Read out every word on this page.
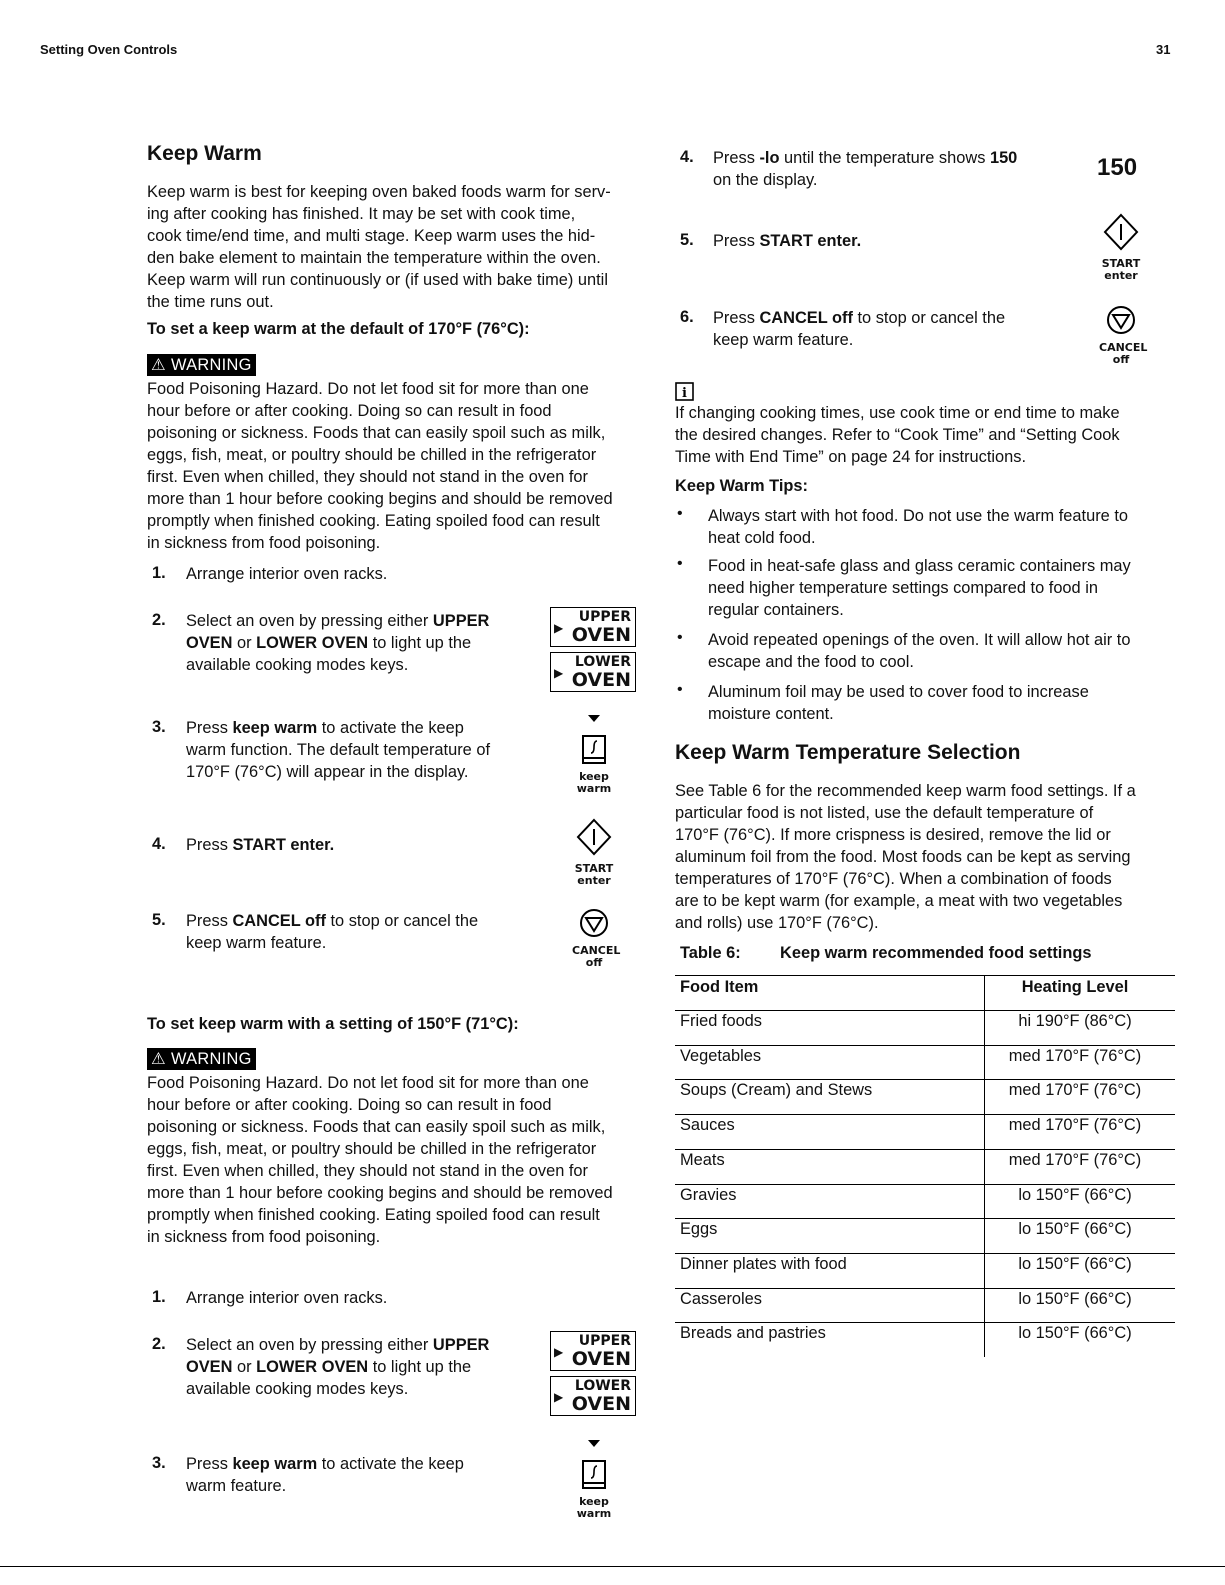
Setting Oven Controls	31
Keep Warm
Keep warm is best for keeping oven baked foods warm for serv-
ing after cooking has finished. It may be set with cook time,
cook time/end time, and multi stage. Keep warm uses the hid-
den bake element to maintain the temperature within the oven.
Keep warm will run continuously or (if used with bake time) until
the time runs out.
To set a keep warm at the default of 170°F (76°C):
⚠ WARNING
Food Poisoning Hazard. Do not let food sit for more than one
hour before or after cooking. Doing so can result in food
poisoning or sickness. Foods that can easily spoil such as milk,
eggs, fish, meat, or poultry should be chilled in the refrigerator
first. Even when chilled, they should not stand in the oven for
more than 1 hour before cooking begins and should be removed
promptly when finished cooking. Eating spoiled food can result
in sickness from food poisoning.
1. Arrange interior oven racks.
2. Select an oven by pressing either UPPER
OVEN or LOWER OVEN to light up the
available cooking modes keys.
▶
UPPER
OVEN
▶
LOWER
OVEN
3. Press keep warm to activate the keep
warm function. The default temperature of
170°F (76°C) will appear in the display.	keep
warm
4. Press START enter.
START
enter
5. Press CANCEL off to stop or cancel the
keep warm feature.	CANCEL
off
To set keep warm with a setting of 150°F (71°C):
⚠ WARNING
Food Poisoning Hazard. Do not let food sit for more than one
hour before or after cooking. Doing so can result in food
poisoning or sickness. Foods that can easily spoil such as milk,
eggs, fish, meat, or poultry should be chilled in the refrigerator
first. Even when chilled, they should not stand in the oven for
more than 1 hour before cooking begins and should be removed
promptly when finished cooking. Eating spoiled food can result
in sickness from food poisoning.
1. Arrange interior oven racks.
2. Select an oven by pressing either UPPER
OVEN or LOWER OVEN to light up the
available cooking modes keys.
▶
UPPER
OVEN
▶
LOWER
OVEN
3. Press keep warm to activate the keep
warm feature.
keep
warm
4. Press -lo until the temperature shows 150
on the display.	150
5. Press START enter.
START
enter
6. Press CANCEL off to stop or cancel the
keep warm feature.	CANCEL
off
i
If changing cooking times, use cook time or end time to make
the desired changes. Refer to “Cook Time” and “Setting Cook
Time with End Time” on page 24 for instructions.
Keep Warm Tips:
• Always start with hot food. Do not use the warm feature to
heat cold food.
• Food in heat-safe glass and glass ceramic containers may
need higher temperature settings compared to food in
regular containers.
• Avoid repeated openings of the oven. It will allow hot air to
escape and the food to cool.
• Aluminum foil may be used to cover food to increase
moisture content.
Keep Warm Temperature Selection
See Table 6 for the recommended keep warm food settings. If a
particular food is not listed, use the default temperature of
170°F (76°C). If more crispness is desired, remove the lid or
aluminum foil from the food. Most foods can be kept as serving
temperatures of 170°F (76°C). When a combination of foods
are to be kept warm (for example, a meat with two vegetables
and rolls) use 170°F (76°C).
Table 6: Keep warm recommended food settings
Food Item	Heating Level
Fried foods	hi 190°F (86°C)
Vegetables	med 170°F (76°C)
Soups (Cream) and Stews	med 170°F (76°C)
Sauces	med 170°F (76°C)
Meats	med 170°F (76°C)
Gravies	lo 150°F (66°C)
Eggs	lo 150°F (66°C)
Dinner plates with food	lo 150°F (66°C)
Casseroles	lo 150°F (66°C)
Breads and pastries	lo 150°F (66°C)
